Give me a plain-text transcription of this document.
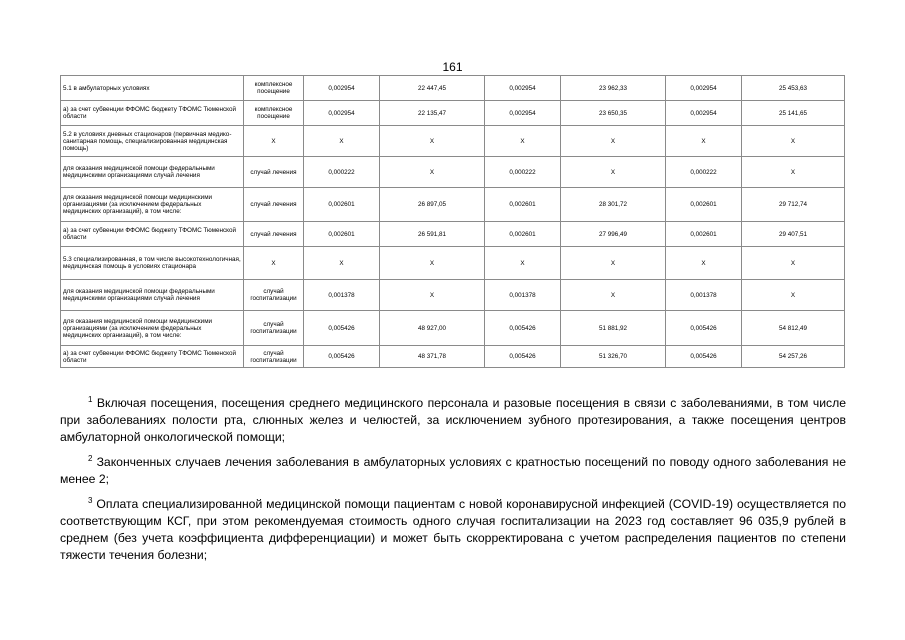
161
5.1 в амбулаторных условиях	комплексное посещение	0,002954	22 447,45	0,002954	23 962,33	0,002954	25 453,63
а) за счет субвенции ФФОМС бюджету ТФОМС Тюменской области	комплексное посещение	0,002954	22 135,47	0,002954	23 650,35	0,002954	25 141,65
5.2 в условиях дневных стационаров (первичная медико-санитарная помощь, специализированная медицинская помощь)	X	X	X	X	X	X	X
для оказания медицинской помощи федеральными медицинскими организациями случай лечения	случай лечения	0,000222	X	0,000222	X	0,000222	X
для оказания медицинской помощи медицинскими организациями (за исключением федеральных медицинских организаций), в том числе:	случай лечения	0,002601	26 897,05	0,002601	28 301,72	0,002601	29 712,74
а) за счет субвенции ФФОМС бюджету ТФОМС Тюменской области	случай лечения	0,002601	26 591,81	0,002601	27 996,49	0,002601	29 407,51
5.3 специализированная, в том числе высокотехнологичная, медицинская помощь в условиях стационара	X	X	X	X	X	X	X
для оказания медицинской помощи федеральными медицинскими организациями случай лечения	случай госпитализации	0,001378	X	0,001378	X	0,001378	X
для оказания медицинской помощи медицинскими организациями (за исключением федеральных медицинских организаций), в том числе:	случай госпитализации	0,005426	48 927,00	0,005426	51 881,92	0,005426	54 812,49
а) за счет субвенции ФФОМС бюджету ТФОМС Тюменской области	случай госпитализации	0,005426	48 371,78	0,005426	51 326,70	0,005426	54 257,26

$^1$ Включая посещения, посещения среднего медицинского персонала и разовые посещения в связи с заболеваниями, в том числе при заболеваниях полости рта, слюнных желез и челюстей, за исключением зубного протезирования, а также посещения центров амбулаторной онкологической помощи;

$^2$ Законченных случаев лечения заболевания в амбулаторных условиях с кратностью посещений по поводу одного заболевания не менее 2;

$^3$ Оплата специализированной медицинской помощи пациентам с новой коронавирусной инфекцией (COVID-19) осуществляется по соответствующим КСГ, при этом рекомендуемая стоимость одного случая госпитализации на 2023 год составляет 96 035,9 рублей в среднем (без учета коэффициента дифференциации) и может быть скорректирована с учетом распределения пациентов по степени тяжести течения болезни;
